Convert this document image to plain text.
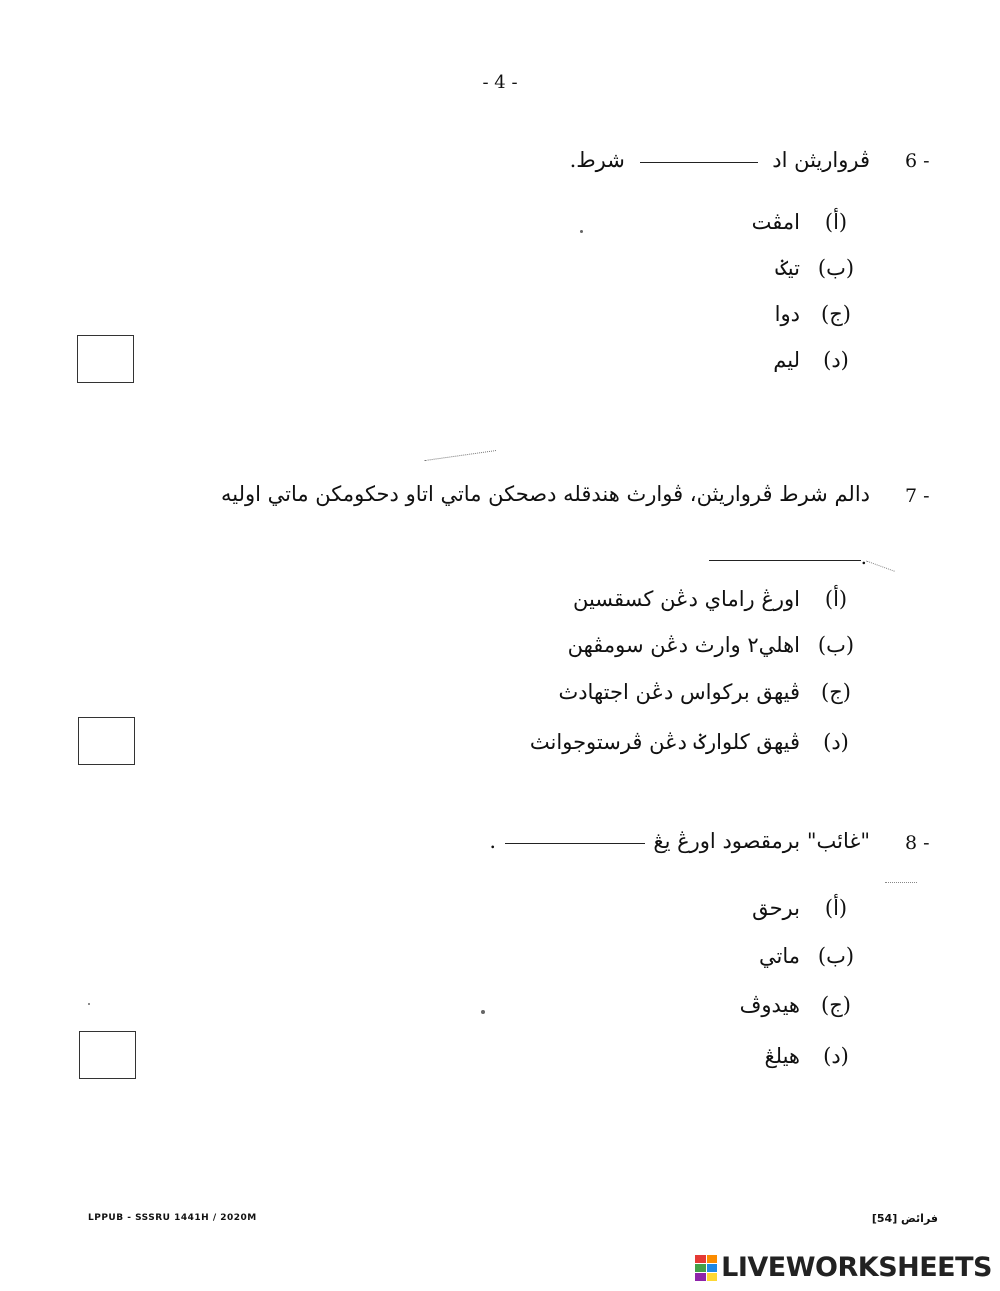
- 4 -
6 -
ڤرواريثن اد  شرط.
(أ)
امڤت
(ب)
تيݢ
(ج)
دوا
(د)
ليم
7 -
دالم شرط ڤرواريثن، ڤوارث هندقله دصحکن ماتي اتاو دحکومکن ماتي اوليه
.
(أ)
اورڠ راماي دڠن کسقسين
(ب)
اهلي٢ وارث دڠن سومڤهن
(ج)
ڤيهق برکواس دڠن اجتهادث
(د)
ڤيهق کلوارݢ دڠن ڤرستوجوانث
8 -
"غائب" برمقصود اورڠ يڠ  .
(أ)
برحق
(ب)
ماتي
(ج)
هيدوڤ
(د)
هيلڠ
LPPUB - SSSRU 1441H / 2020M	فرائض [54]
LIVEWORKSHEETS
